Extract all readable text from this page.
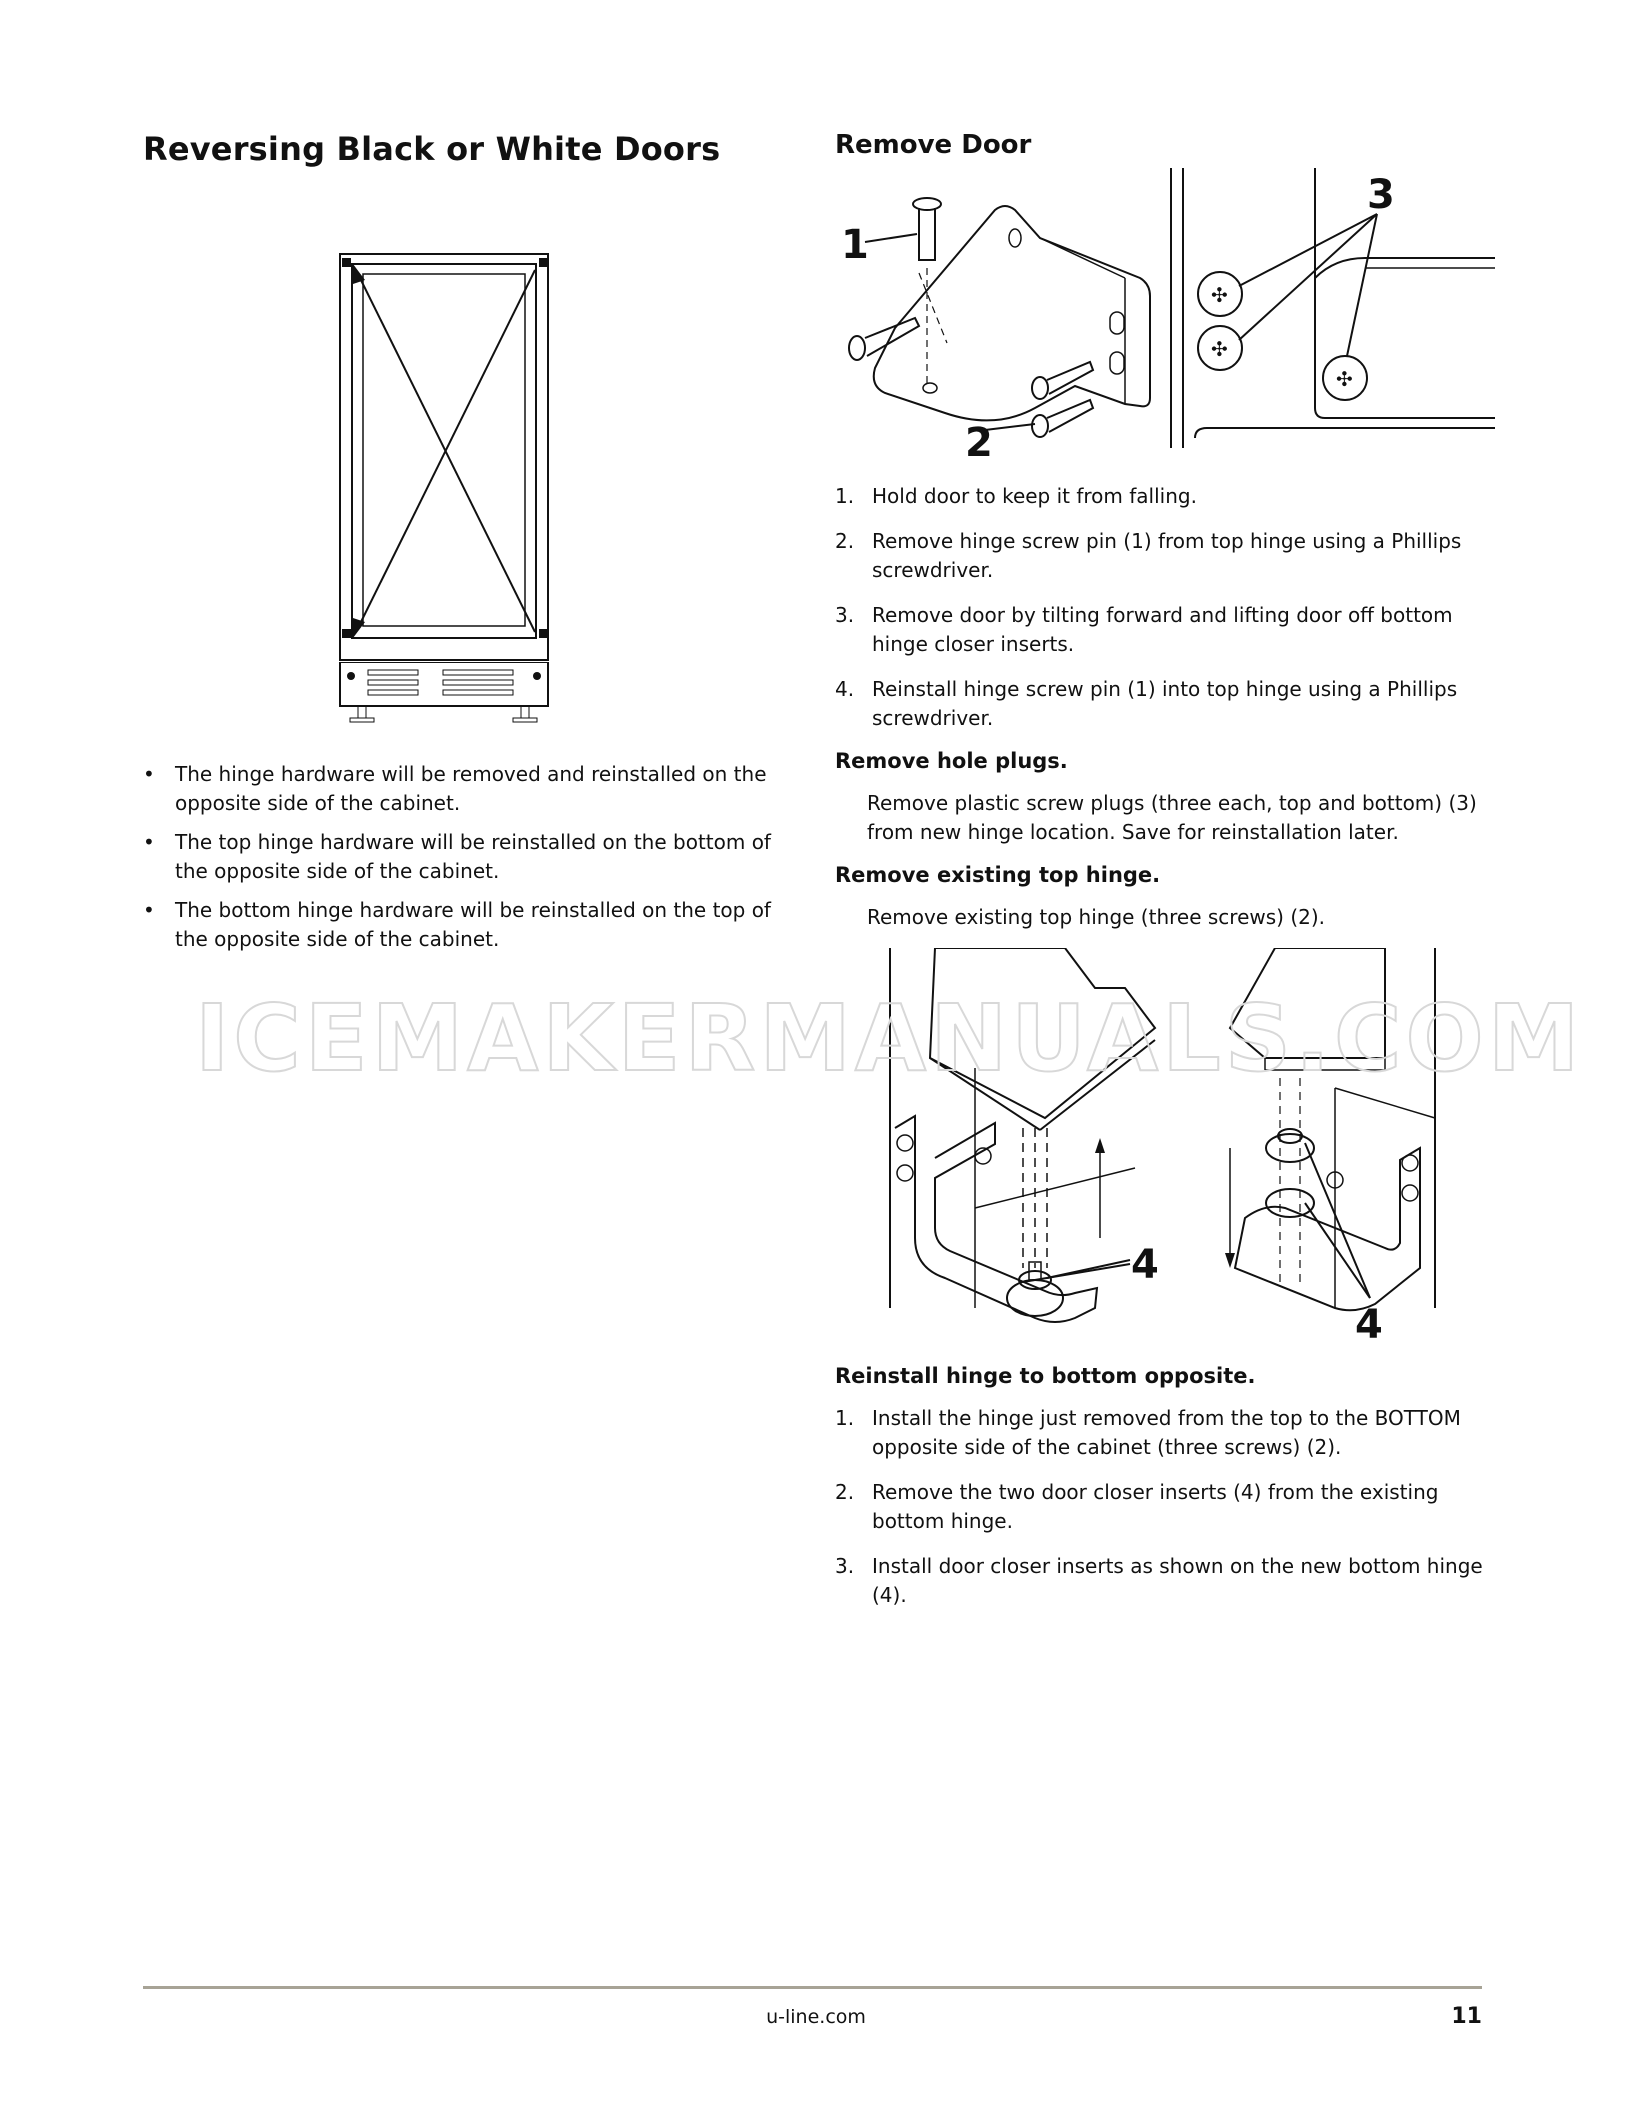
Reversing Black or White Doors
• The hinge hardware will be removed and reinstalled on the opposite side of the cabinet.
• The top hinge hardware will be reinstalled on the bottom of the opposite side of the cabinet.
• The bottom hinge hardware will be reinstalled on the top of the opposite side of the cabinet.
Remove Door
1
2
✣
✣
✣
3
1. Hold door to keep it from falling.
2. Remove hinge screw pin (1) from top hinge using a Phillips screwdriver.
3. Remove door by tilting forward and lifting door off bottom hinge closer inserts.
4. Reinstall hinge screw pin (1) into top hinge using a Phillips screwdriver.
Remove hole plugs.

Remove plastic screw plugs (three each, top and bottom) (3) from new hinge location. Save for reinstallation later.

Remove existing top hinge.

Remove existing top hinge (three screws) (2).

4
4
Reinstall hinge to bottom opposite.
1. Install the hinge just removed from the top to the BOTTOM opposite side of the cabinet (three screws) (2).
2. Remove the two door closer inserts (4) from the existing bottom hinge.
3. Install door closer inserts as shown on the new bottom hinge (4).
ICEMAKERMANUALS.COM
u-line.com	11
